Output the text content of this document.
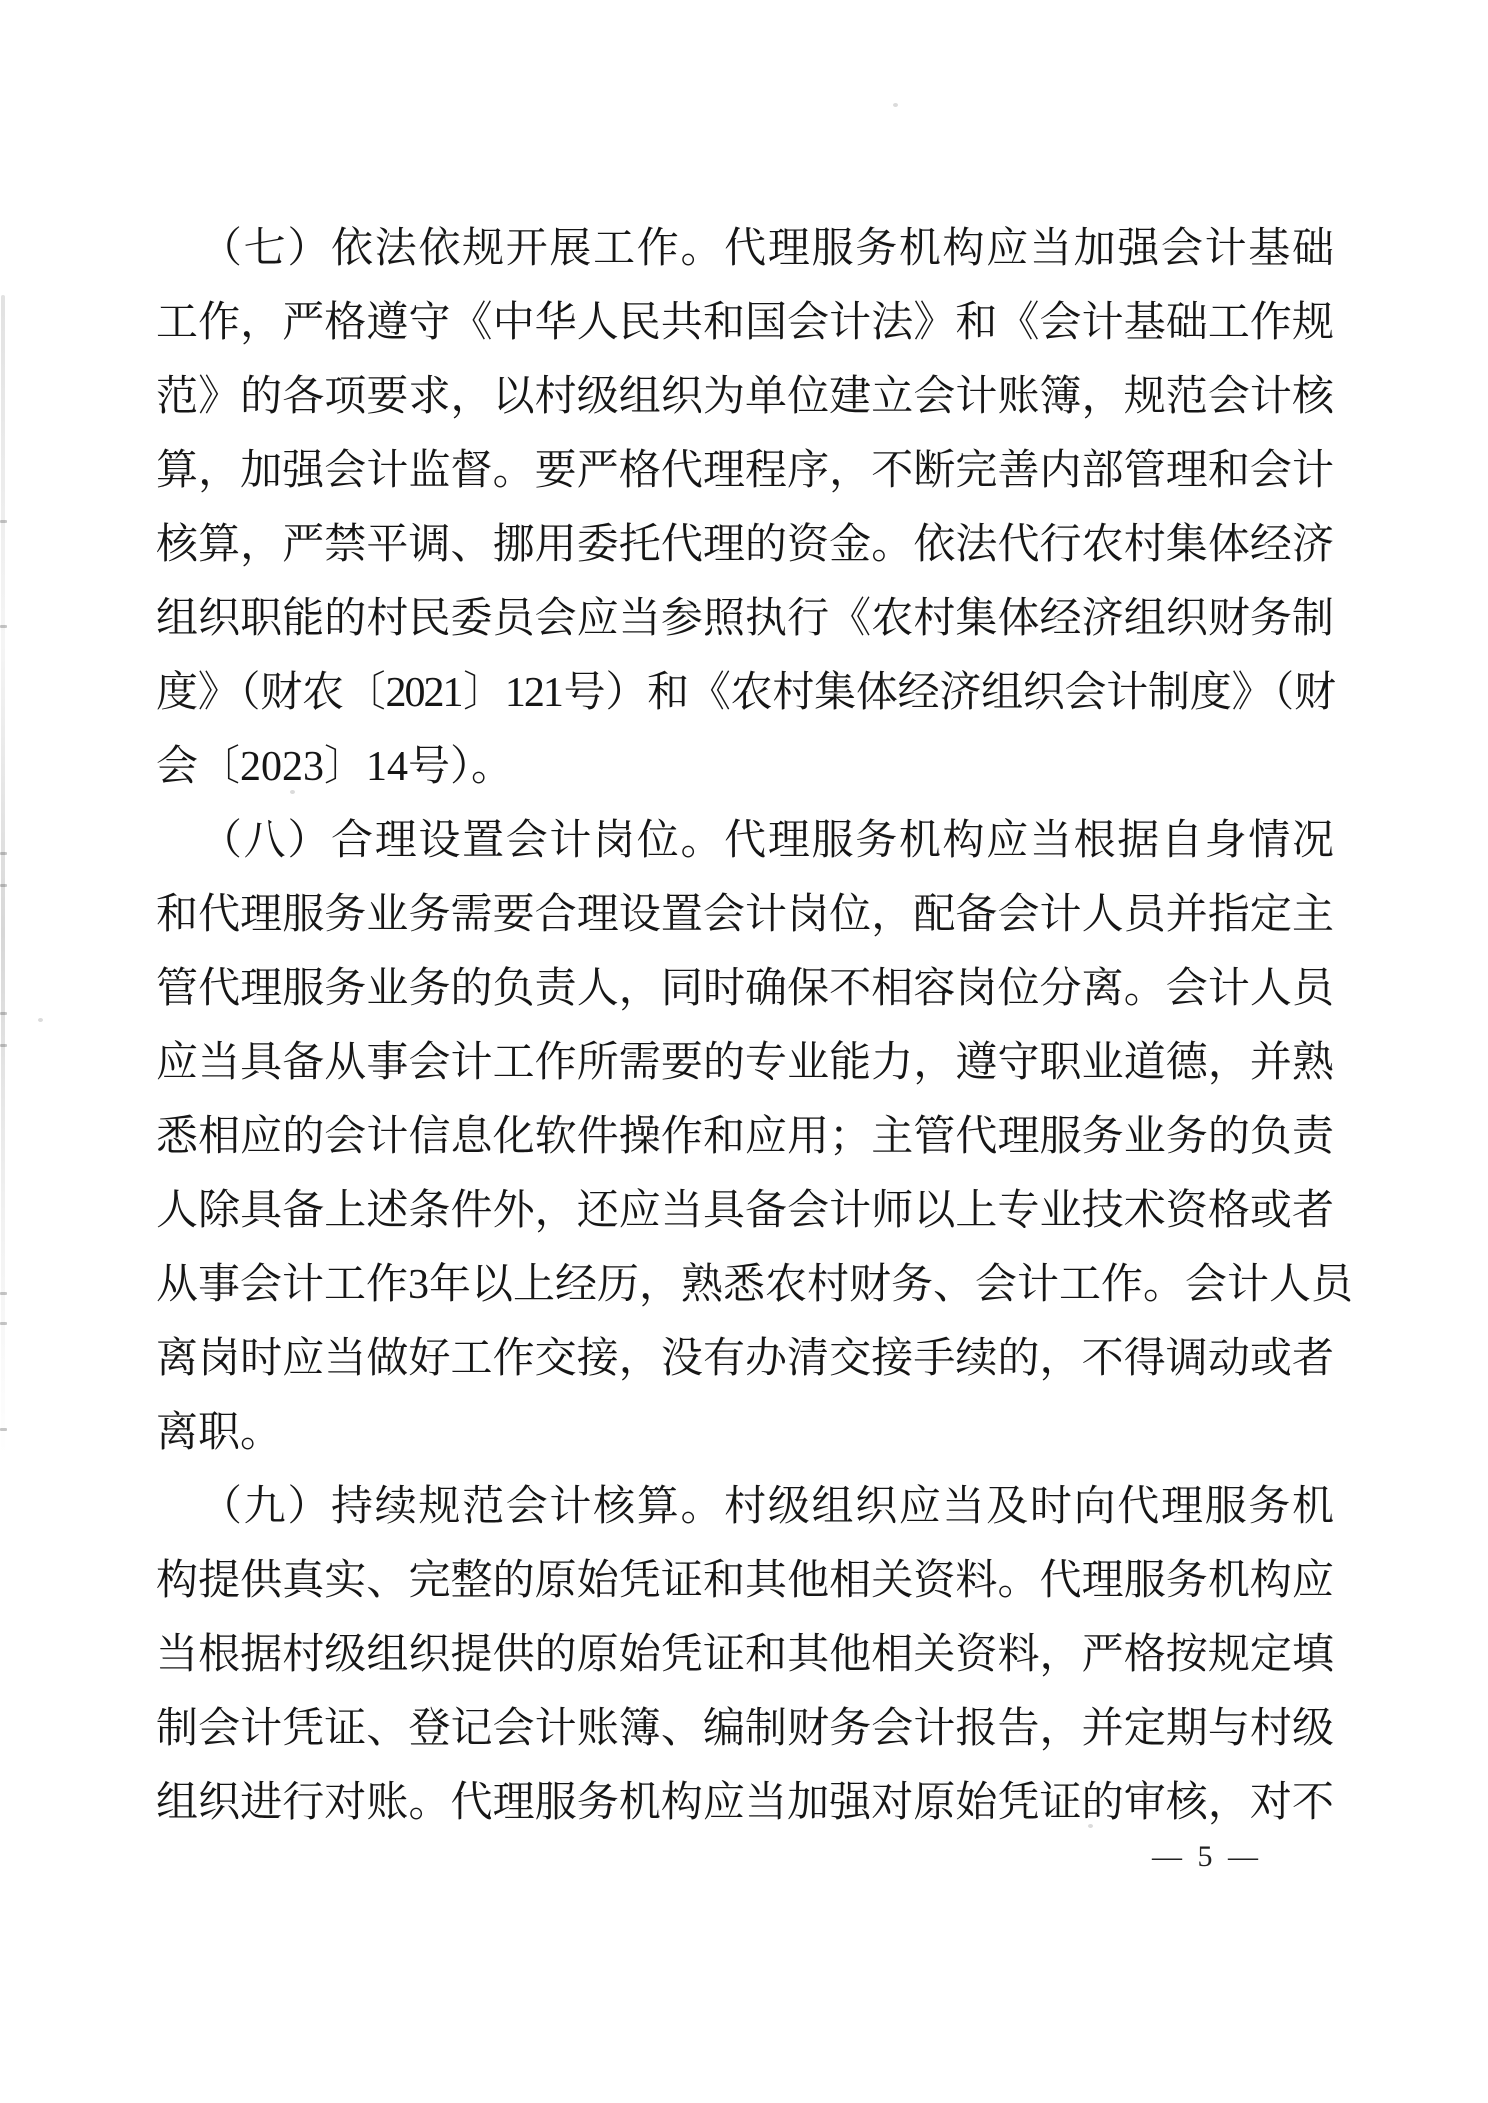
（七）依法依规开展工作。代理服务机构应当加强会计基础
工作，严格遵守《中华人民共和国会计法》和《会计基础工作规
范》的各项要求，以村级组织为单位建立会计账簿，规范会计核
算，加强会计监督。要严格代理程序，不断完善内部管理和会计
核算，严禁平调、挪用委托代理的资金。依法代行农村集体经济
组织职能的村民委员会应当参照执行《农村集体经济组织财务制
度》（财农〔2021〕121号）和《农村集体经济组织会计制度》（财
会〔2023〕14号）。
（八）合理设置会计岗位。代理服务机构应当根据自身情况
和代理服务业务需要合理设置会计岗位，配备会计人员并指定主
管代理服务业务的负责人，同时确保不相容岗位分离。会计人员
应当具备从事会计工作所需要的专业能力，遵守职业道德，并熟
悉相应的会计信息化软件操作和应用；主管代理服务业务的负责
人除具备上述条件外，还应当具备会计师以上专业技术资格或者
从事会计工作3年以上经历，熟悉农村财务、会计工作。会计人员
离岗时应当做好工作交接，没有办清交接手续的，不得调动或者
离职。
（九）持续规范会计核算。村级组织应当及时向代理服务机
构提供真实、完整的原始凭证和其他相关资料。代理服务机构应
当根据村级组织提供的原始凭证和其他相关资料，严格按规定填
制会计凭证、登记会计账簿、编制财务会计报告，并定期与村级
组织进行对账。代理服务机构应当加强对原始凭证的审核，对不
— 5 —
